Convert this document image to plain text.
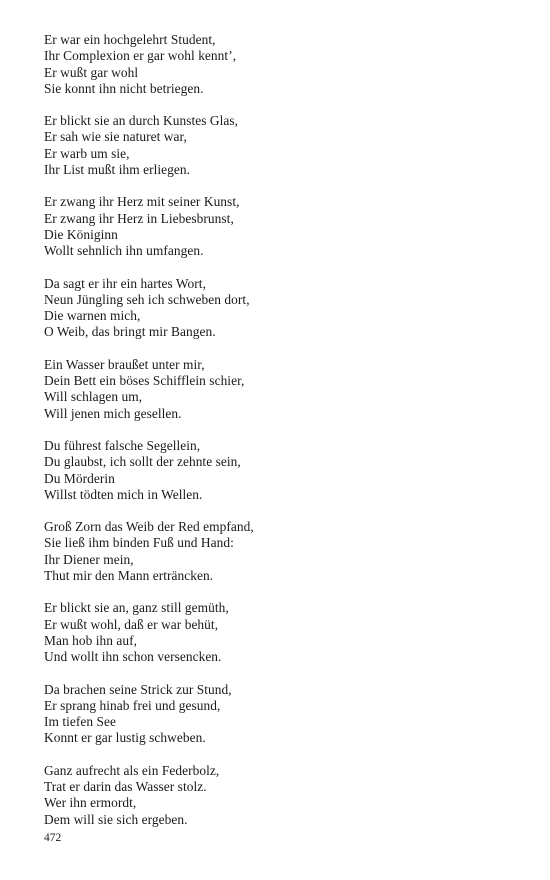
Er war ein hochgelehrt Student,
Ihr Complexion er gar wohl kennt’,
Er wußt gar wohl
Sie konnt ihn nicht betriegen.
Er blickt sie an durch Kunstes Glas,
Er sah wie sie naturet war,
Er warb um sie,
Ihr List mußt ihm erliegen.
Er zwang ihr Herz mit seiner Kunst,
Er zwang ihr Herz in Liebesbrunst,
Die Königinn
Wollt sehnlich ihn umfangen.
Da sagt er ihr ein hartes Wort,
Neun Jüngling seh ich schweben dort,
Die warnen mich,
O Weib, das bringt mir Bangen.
Ein Wasser braußet unter mir,
Dein Bett ein böses Schifflein schier,
Will schlagen um,
Will jenen mich gesellen.
Du führest falsche Segellein,
Du glaubst, ich sollt der zehnte sein,
Du Mörderin
Willst tödten mich in Wellen.
Groß Zorn das Weib der Red empfand,
Sie ließ ihm binden Fuß und Hand:
Ihr Diener mein,
Thut mir den Mann erträncken.
Er blickt sie an, ganz still gemüth,
Er wußt wohl, daß er war behüt,
Man hob ihn auf,
Und wollt ihn schon versencken.
Da brachen seine Strick zur Stund,
Er sprang hinab frei und gesund,
Im tiefen See
Konnt er gar lustig schweben.
Ganz aufrecht als ein Federbolz,
Trat er darin das Wasser stolz.
Wer ihn ermordt,
Dem will sie sich ergeben.
472
